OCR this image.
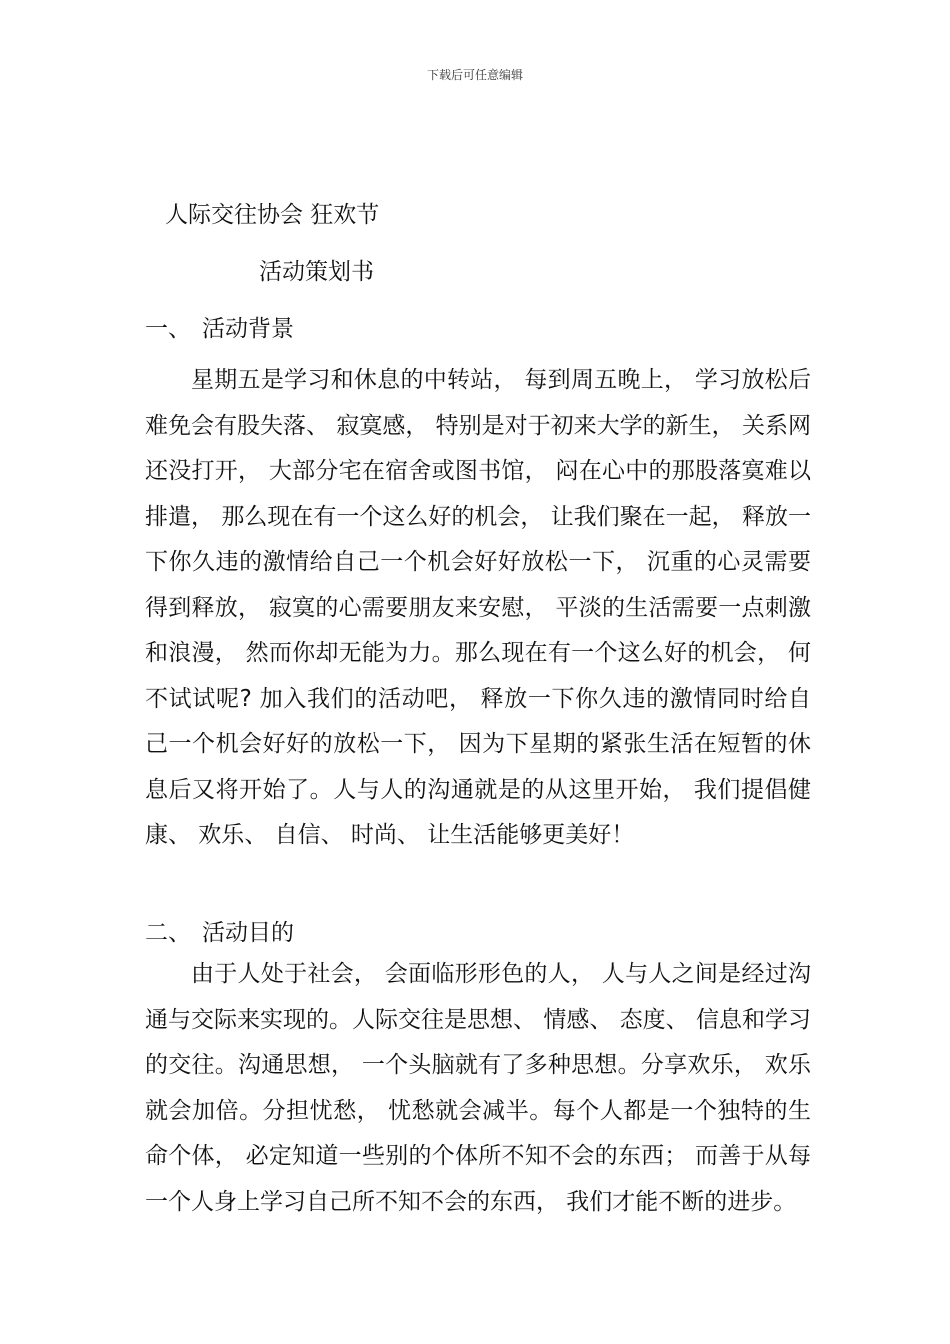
下载后可任意编辑
人际交往协会 狂欢节
活动策划书
一、 活动背景

星期五是学习和休息的中转站， 每到周五晚上， 学习放松后难免会有股失落、 寂寞感， 特别是对于初来大学的新生， 关系网还没打开， 大部分宅在宿舍或图书馆， 闷在心中的那股落寞难以排遣， 那么现在有一个这么好的机会， 让我们聚在一起， 释放一下你久违的激情给自己一个机会好好放松一下， 沉重的心灵需要得到释放， 寂寞的心需要朋友来安慰， 平淡的生活需要一点刺激和浪漫， 然而你却无能为力。那么现在有一个这么好的机会， 何不试试呢? 加入我们的活动吧， 释放一下你久违的激情同时给自己一个机会好好的放松一下， 因为下星期的紧张生活在短暂的休息后又将开始了。人与人的沟通就是的从这里开始， 我们提倡健康、 欢乐、 自信、 时尚、 让生活能够更美好！

二、 活动目的

由于人处于社会， 会面临形形色的人， 人与人之间是经过沟通与交际来实现的。人际交往是思想、 情感、 态度、 信息和学习的交往。沟通思想， 一个头脑就有了多种思想。分享欢乐， 欢乐就会加倍。分担忧愁， 忧愁就会减半。每个人都是一个独特的生命个体， 必定知道一些别的个体所不知不会的东西； 而善于从每一个人身上学习自己所不知不会的东西， 我们才能不断的进步。
